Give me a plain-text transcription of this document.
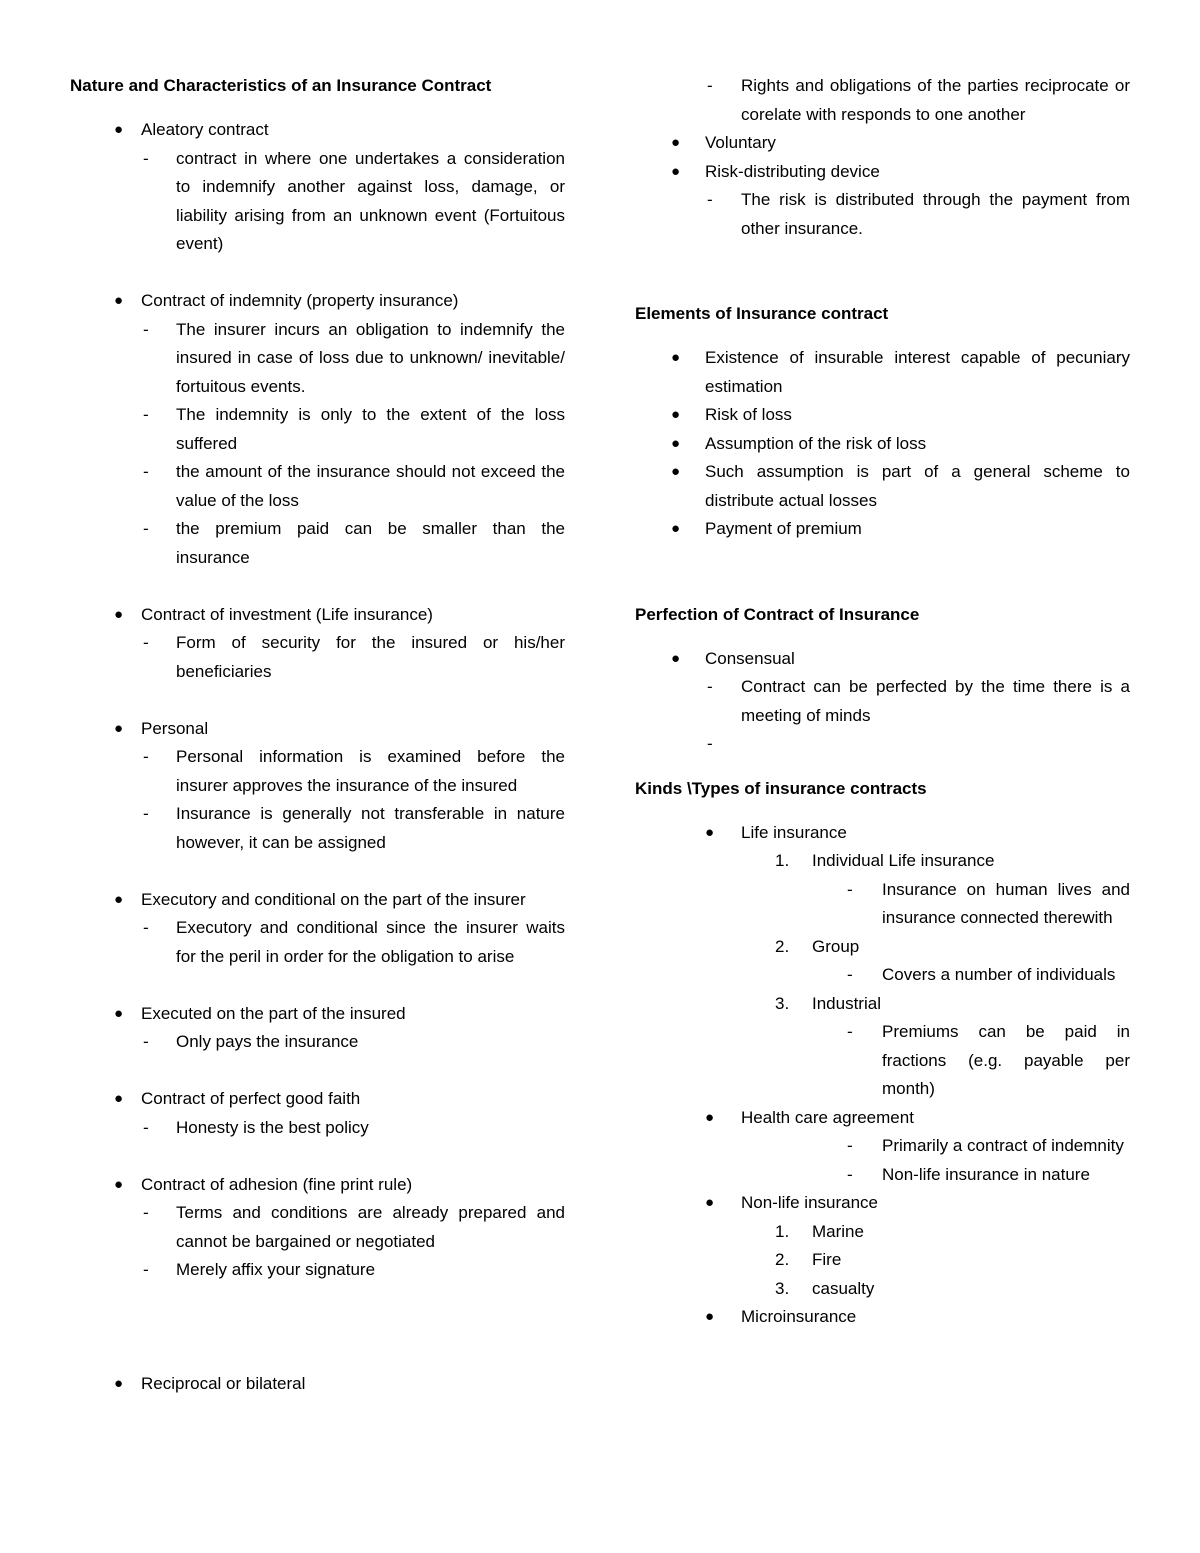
Nature and Characteristics of an Insurance Contract
● Aleatory contract
- contract in where one undertakes a consideration to indemnify another against loss, damage, or liability arising from an unknown event (Fortuitous event)
● Contract of indemnity (property insurance)
- The insurer incurs an obligation to indemnify the insured in case of loss due to unknown/ inevitable/ fortuitous events.
- The indemnity is only to the extent of the loss suffered
- the amount of the insurance should not exceed the value of the loss
- the premium paid can be smaller than the insurance
● Contract of investment (Life insurance)
- Form of security for the insured or his/her beneficiaries
● Personal
- Personal information is examined before the insurer approves the insurance of the insured
- Insurance is generally not transferable in nature however, it can be assigned
● Executory and conditional on the part of the insurer
- Executory and conditional since the insurer waits for the peril in order for the obligation to arise
● Executed on the part of the insured
- Only pays the insurance
● Contract of perfect good faith
- Honesty is the best policy
● Contract of adhesion (fine print rule)
- Terms and conditions are already prepared and cannot be bargained or negotiated
- Merely affix your signature
● Reciprocal or bilateral
- Rights and obligations of the parties reciprocate or corelate with responds to one another
● Voluntary
● Risk-distributing device
- The risk is distributed through the payment from other insurance.
Elements of Insurance contract
● Existence of insurable interest capable of pecuniary estimation
● Risk of loss
● Assumption of the risk of loss
● Such assumption is part of a general scheme to distribute actual losses
● Payment of premium
Perfection of Contract of Insurance
● Consensual
- Contract can be perfected by the time there is a meeting of minds
-
Kinds \Types of insurance contracts
● Life insurance
1. Individual Life insurance
- Insurance on human lives and insurance connected therewith
2. Group
- Covers a number of individuals
3. Industrial
- Premiums can be paid in fractions (e.g. payable per month)
● Health care agreement
- Primarily a contract of indemnity
- Non-life insurance in nature
● Non-life insurance
1. Marine
2. Fire
3. casualty
● Microinsurance
